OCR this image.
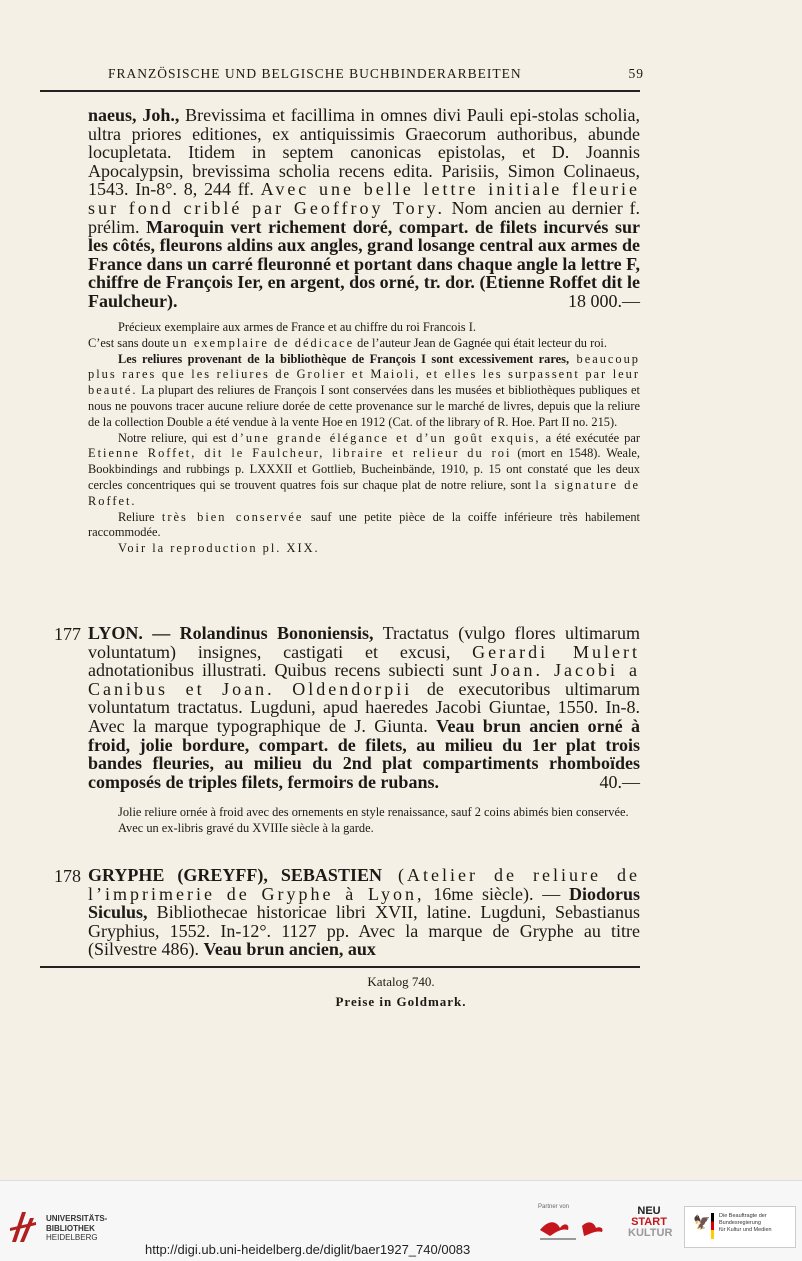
FRANZÖSISCHE UND BELGISCHE BUCHBINDERARBEITEN	59

naeus, Joh., Brevissima et facillima in omnes divi Pauli epi-stolas scholia, ultra priores editiones, ex antiquissimis Graecorum authoribus, abunde locupletata. Itidem in septem canonicas epistolas, et D. Joannis Apocalypsin, brevissima scholia recens edita. Parisiis, Simon Colinaeus, 1543. In-8°. 8, 244 ff. Avec une belle lettre initiale fleurie sur fond criblé par Geoffroy Tory. Nom ancien au dernier f. prélim. Maroquin vert richement doré, compart. de filets incurvés sur les côtés, fleurons aldins aux angles, grand losange central aux armes de France dans un carré fleuronné et portant dans chaque angle la lettre F, chiffre de François Ier, en argent, dos orné, tr. dor. (Etienne Roffet dit le Faulcheur).	18 000.—

Précieux exemplaire aux armes de France et au chiffre du roi Francois I.

C’est sans doute un exemplaire de dédicace de l’auteur Jean de Gagnée qui était lecteur du roi.

Les reliures provenant de la bibliothèque de François I sont excessivement rares, beaucoup plus rares que les reliures de Grolier et Maioli, et elles les surpassent par leur beauté. La plupart des reliures de François I sont conservées dans les musées et bibliothèques publiques et nous ne pouvons tracer aucune reliure dorée de cette provenance sur le marché de livres, depuis que la reliure de la collection Double a été vendue à la vente Hoe en 1912 (Cat. of the library of R. Hoe. Part II no. 215).

Notre reliure, qui est d’une grande élégance et d’un goût exquis, a été exécutée par Etienne Roffet, dit le Faulcheur, libraire et relieur du roi (mort en 1548). Weale, Bookbindings and rubbings p. LXXXII et Gottlieb, Bucheinbände, 1910, p. 15 ont constaté que les deux cercles concentriques qui se trouvent quatres fois sur chaque plat de notre reliure, sont la signature de Roffet.

Reliure très bien conservée sauf une petite pièce de la coiffe inférieure très habilement raccommodée.

Voir la reproduction pl. XIX.

177 LYON. — Rolandinus Bononiensis, Tractatus (vulgo flores ultimarum voluntatum) insignes, castigati et excusi, Gerardi Mulert adnotationibus illustrati. Quibus recens subiecti sunt Joan. Jacobi a Canibus et Joan. Oldendorpii de executoribus ultimarum voluntatum tractatus. Lugduni, apud haeredes Jacobi Giuntae, 1550. In-8. Avec la marque typographique de J. Giunta. Veau brun ancien orné à froid, jolie bordure, compart. de filets, au milieu du 1er plat trois bandes fleuries, au milieu du 2nd plat compartiments rhomboïdes composés de triples filets, fermoirs de rubans.	40.—

Jolie reliure ornée à froid avec des ornements en style renaissance, sauf 2 coins abimés bien conservée.

Avec un ex-libris gravé du XVIIIe siècle à la garde.

178 GRYPHE (GREYFF), SEBASTIEN (Atelier de reliure de l’imprimerie de Gryphe à Lyon, 16me siècle). — Diodorus Siculus, Bibliothecae historicae libri XVII, latine. Lugduni, Sebastianus Gryphius, 1552. In-12°. 1127 pp. Avec la marque de Gryphe au titre (Silvestre 486). Veau brun ancien, aux

Katalog 740.
Preise in Goldmark.
UNIVERSITÄTS-
BIBLIOTHEK
HEIDELBERG
Partner von	NEU
START
KULTUR
🦅 Die Beauftragte der Bundesregierung
für Kultur und Medien
http://digi.ub.uni-heidelberg.de/diglit/baer1927_740/0083
